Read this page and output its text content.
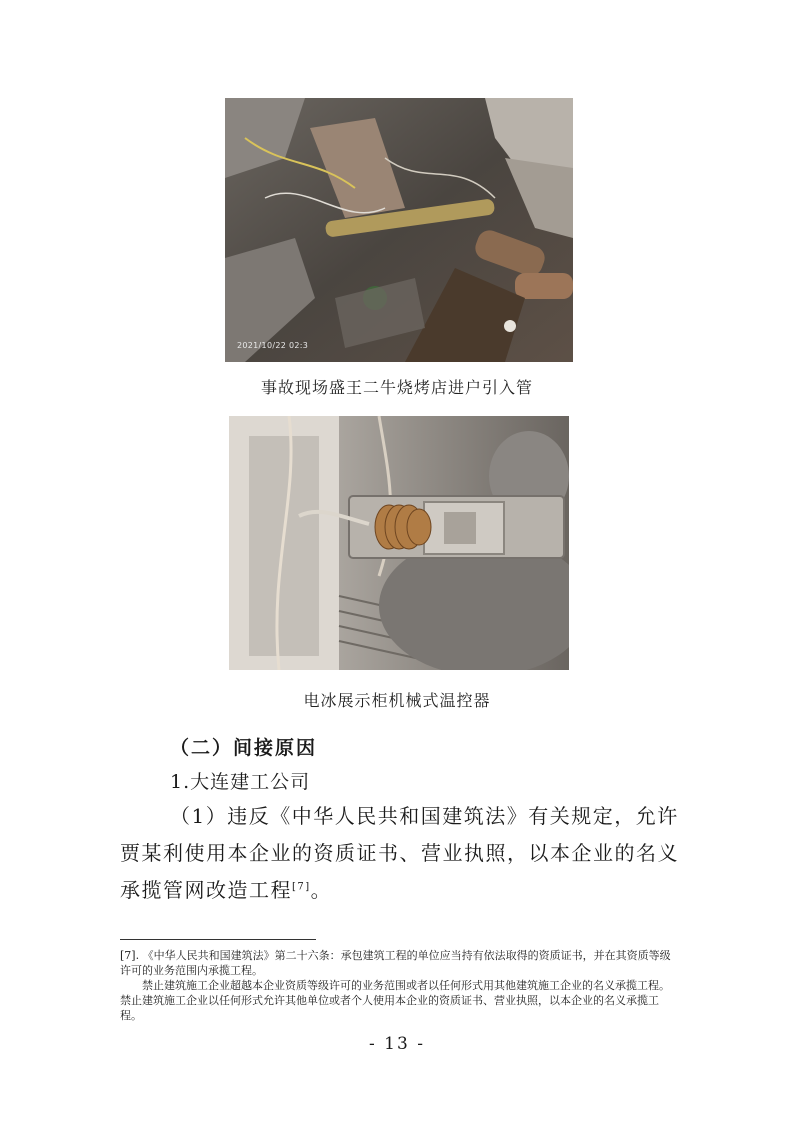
2021/10/22 02:3
事故现场盛王二牛烧烤店进户引入管
电冰展示柜机械式温控器
（二）间接原因
1.大连建工公司
（1）违反《中华人民共和国建筑法》有关规定，允许贾某利使用本企业的资质证书、营业执照，以本企业的名义承揽管网改造工程[7]。
[7]. 《中华人民共和国建筑法》第二十六条：承包建筑工程的单位应当持有依法取得的资质证书，并在其资质等级许可的业务范围内承揽工程。
禁止建筑施工企业超越本企业资质等级许可的业务范围或者以任何形式用其他建筑施工企业的名义承揽工程。禁止建筑施工企业以任何形式允许其他单位或者个人使用本企业的资质证书、营业执照，以本企业的名义承揽工程。
- 13 -
